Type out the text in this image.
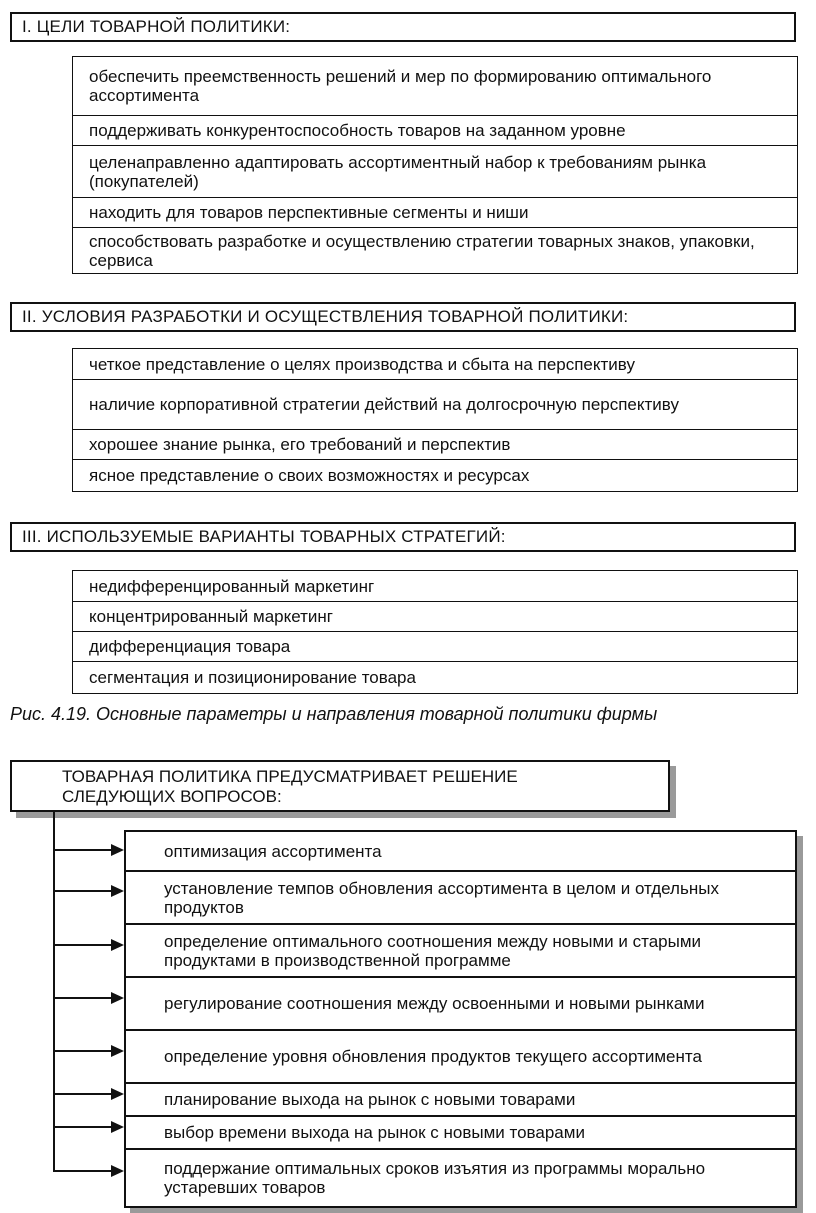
I. ЦЕЛИ ТОВАРНОЙ ПОЛИТИКИ:
обеспечить преемственность решений и мер по формированию оптимального ассортимента
поддерживать конкурентоспособность товаров на заданном уровне
целенаправленно адаптировать ассортиментный набор к требованиям рынка (покупателей)
находить для товаров перспективные сегменты и ниши
способствовать разработке и осуществлению стратегии товарных знаков, упаковки, сервиса
II. УСЛОВИЯ РАЗРАБОТКИ И ОСУЩЕСТВЛЕНИЯ ТОВАРНОЙ ПОЛИТИКИ:
четкое представление о целях производства и сбыта на перспективу
наличие корпоративной стратегии действий на долгосрочную перспективу
хорошее знание рынка, его требований и перспектив
ясное представление о своих возможностях и ресурсах
III. ИСПОЛЬЗУЕМЫЕ ВАРИАНТЫ ТОВАРНЫХ СТРАТЕГИЙ:
недифференцированный маркетинг
концентрированный маркетинг
дифференциация товара
сегментация и позиционирование товара
Рис. 4.19. Основные параметры и направления товарной политики фирмы
ТОВАРНАЯ ПОЛИТИКА ПРЕДУСМАТРИВАЕТ РЕШЕНИЕ
СЛЕДУЮЩИХ ВОПРОСОВ:
оптимизация ассортимента
установление темпов обновления ассортимента в целом и отдельных продуктов
определение оптимального соотношения между новыми и старыми продуктами в производственной программе
регулирование соотношения между освоенными и новыми рынками
определение уровня обновления продуктов текущего ассортимента
планирование выхода на рынок с новыми товарами
выбор времени выхода на рынок с новыми товарами
поддержание оптимальных сроков изъятия из программы морально устаревших товаров
